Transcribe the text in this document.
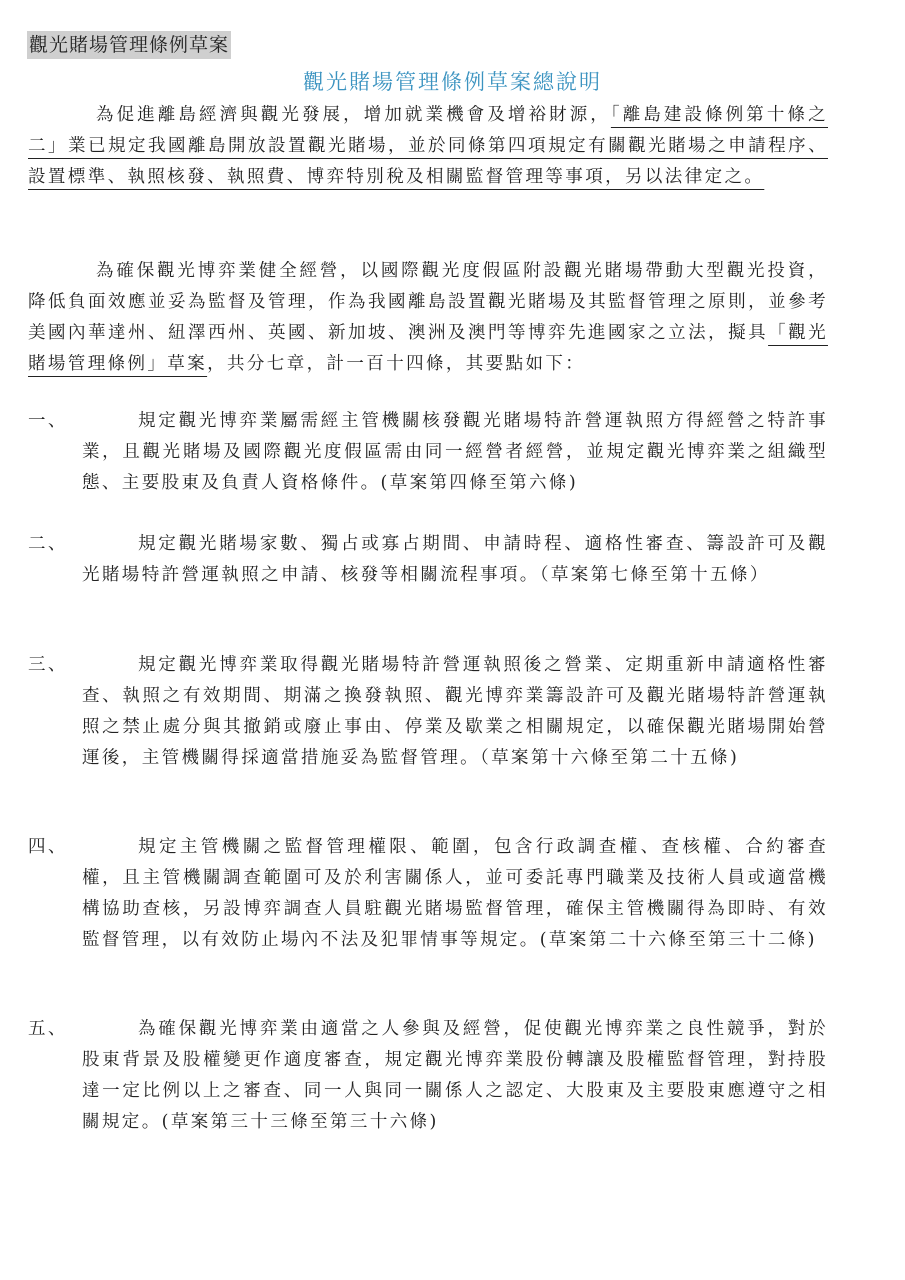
觀光賭場管理條例草案
觀光賭場管理條例草案總說明
為促進離島經濟與觀光發展，增加就業機會及增裕財源，「離島建設條例第十條之二」業已規定我國離島開放設置觀光賭場，並於同條第四項規定有關觀光賭場之申請程序、設置標準、執照核發、執照費、博弈特別稅及相關監督管理等事項，另以法律定之。
為確保觀光博弈業健全經營，以國際觀光度假區附設觀光賭場帶動大型觀光投資，降低負面效應並妥為監督及管理，作為我國離島設置觀光賭場及其監督管理之原則，並參考美國內華達州、紐澤西州、英國、新加坡、澳洲及澳門等博弈先進國家之立法，擬具「觀光賭場管理條例」草案，共分七章，計一百十四條，其要點如下：
一、	規定觀光博弈業屬需經主管機關核發觀光賭場特許營運執照方得經營之特許事業，且觀光賭場及國際觀光度假區需由同一經營者經營，並規定觀光博弈業之組織型態、主要股東及負責人資格條件。(草案第四條至第六條)
二、	規定觀光賭場家數、獨占或寡占期間、申請時程、適格性審查、籌設許可及觀光賭場特許營運執照之申請、核發等相關流程事項。（草案第七條至第十五條）
三、	規定觀光博弈業取得觀光賭場特許營運執照後之營業、定期重新申請適格性審查、執照之有效期間、期滿之換發執照、觀光博弈業籌設許可及觀光賭場特許營運執照之禁止處分與其撤銷或廢止事由、停業及歇業之相關規定，以確保觀光賭場開始營運後，主管機關得採適當措施妥為監督管理。（草案第十六條至第二十五條)
四、	規定主管機關之監督管理權限、範圍，包含行政調查權、查核權、合約審查權，且主管機關調查範圍可及於利害關係人，並可委託專門職業及技術人員或適當機構協助查核，另設博弈調查人員駐觀光賭場監督管理，確保主管機關得為即時、有效監督管理，以有效防止場內不法及犯罪情事等規定。(草案第二十六條至第三十二條)
五、	為確保觀光博弈業由適當之人參與及經營，促使觀光博弈業之良性競爭，對於股東背景及股權變更作適度審查，規定觀光博弈業股份轉讓及股權監督管理，對持股達一定比例以上之審查、同一人與同一關係人之認定、大股東及主要股東應遵守之相關規定。(草案第三十三條至第三十六條)
